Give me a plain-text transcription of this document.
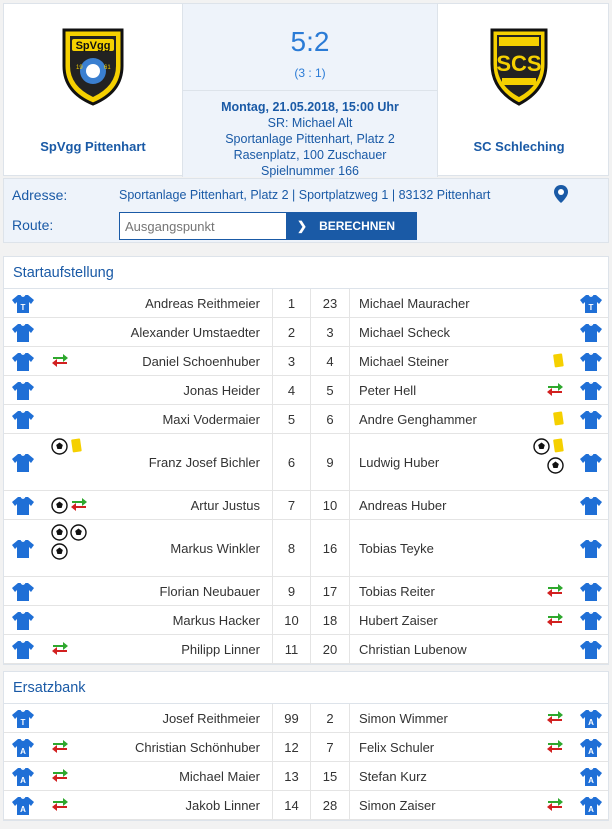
SpVgg
19	61
SpVgg Pittenhart
5:2
(3 : 1)
Montag, 21.05.2018, 15:00 Uhr
SR: Michael Alt
Sportanlage Pittenhart, Platz 2
Rasenplatz, 100 Zuschauer
Spielnummer 166
SCS
SC Schleching
Adresse:	Sportanlage Pittenhart, Platz 2 | Sportplatzweg 1 | 83132 Pittenhart
Route:
Ausgangspunkt	❯ BERECHNEN
Startaufstellung
T	Andreas Reithmeier	1	23	Michael Mauracher	T
Alexander Umstaedter	2	3	Michael Scheck
Daniel Schoenhuber	3	4	Michael Steiner
Jonas Heider	4	5	Peter Hell
Maxi Vodermaier	5	6	Andre Genghammer
Franz Josef Bichler	6	9	Ludwig Huber
Artur Justus	7	10	Andreas Huber
Markus Winkler	8	16	Tobias Teyke
Florian Neubauer	9	17	Tobias Reiter
Markus Hacker	10	18	Hubert Zaiser
Philipp Linner	11	20	Christian Lubenow
Ersatzbank
T	Josef Reithmeier	99	2	Simon Wimmer	A
A	Christian Schönhuber	12	7	Felix Schuler	A
A	Michael Maier	13	15	Stefan Kurz	A
A	Jakob Linner	14	28	Simon Zaiser	A
